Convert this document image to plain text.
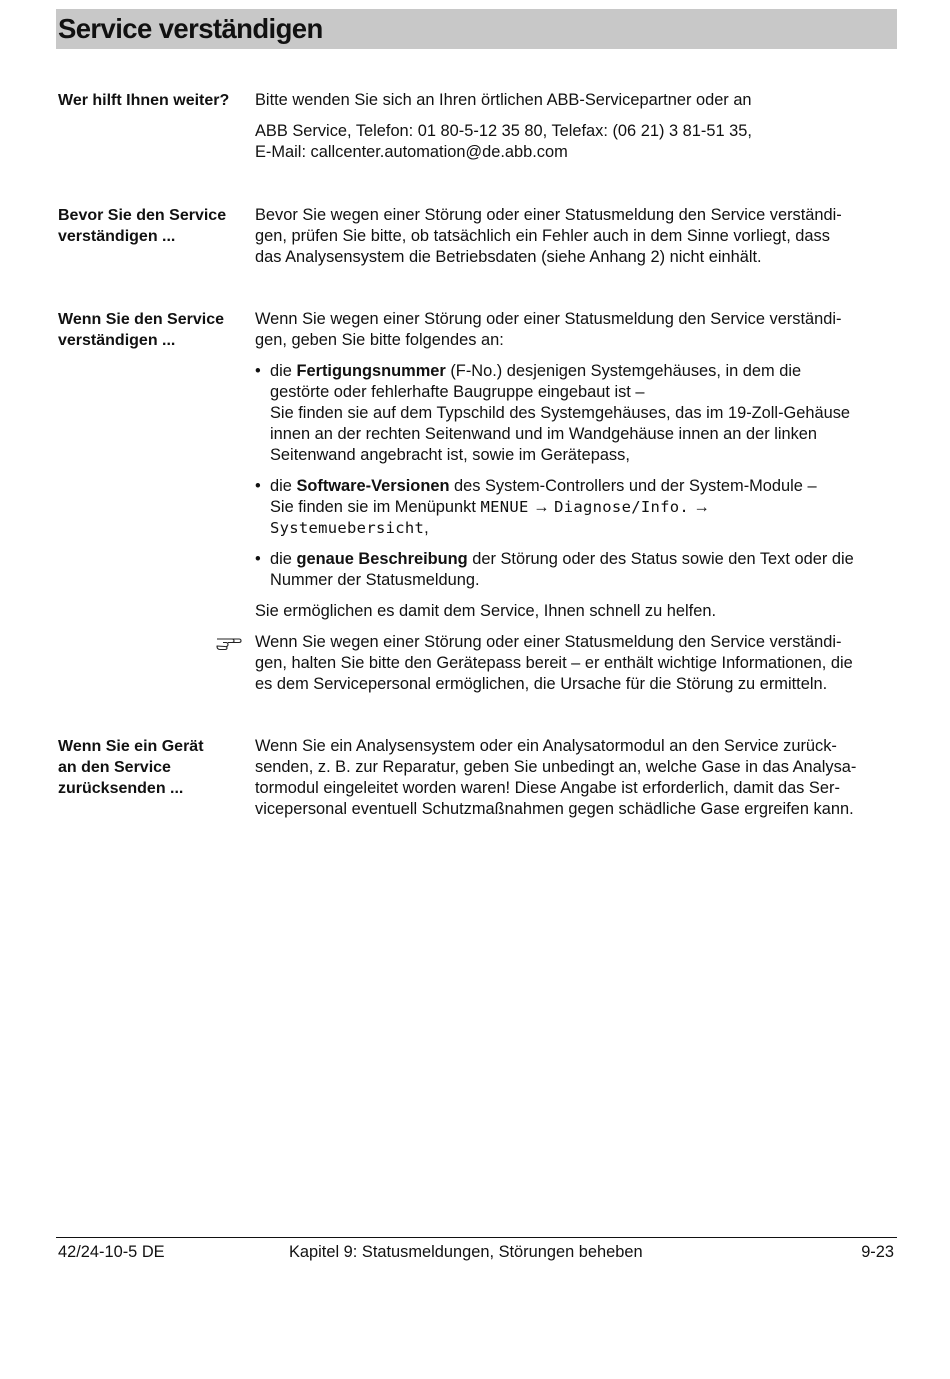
Service verständigen
Wer hilft Ihnen weiter?	Bitte wenden Sie sich an Ihren örtlichen ABB-Servicepartner oder an

ABB Service, Telefon: 01 80-5-12 35 80, Telefax: (06 21) 3 81-51 35,
E-Mail: callcenter.automation@de.abb.com

Bevor Sie den Service
verständigen ...

Bevor Sie wegen einer Störung oder einer Statusmeldung den Service verständi-
gen, prüfen Sie bitte, ob tatsächlich ein Fehler auch in dem Sinne vorliegt, dass
das Analysensystem die Betriebsdaten (siehe Anhang 2) nicht einhält.

Wenn Sie den Service
verständigen ...

Wenn Sie wegen einer Störung oder einer Statusmeldung den Service verständi-
gen, geben Sie bitte folgendes an:

• die Fertigungsnummer (F-No.) desjenigen Systemgehäuses, in dem die
gestörte oder fehlerhafte Baugruppe eingebaut ist –
Sie finden sie auf dem Typschild des Systemgehäuses, das im 19-Zoll-Gehäuse
innen an der rechten Seitenwand und im Wandgehäuse innen an der linken
Seitenwand angebracht ist, sowie im Gerätepass,
• die Software-Versionen des System-Controllers und der System-Module –
Sie finden sie im Menüpunkt MENUE → Diagnose/Info. →
Systemuebersicht,
• die genaue Beschreibung der Störung oder des Status sowie den Text oder die
Nummer der Statusmeldung.

Sie ermöglichen es damit dem Service, Ihnen schnell zu helfen.

Wenn Sie wegen einer Störung oder einer Statusmeldung den Service verständi-
gen, halten Sie bitte den Gerätepass bereit – er enthält wichtige Informationen, die
es dem Servicepersonal ermöglichen, die Ursache für die Störung zu ermitteln.

Wenn Sie ein Gerät
an den Service
zurücksenden ...

Wenn Sie ein Analysensystem oder ein Analysatormodul an den Service zurück-
senden, z. B. zur Reparatur, geben Sie unbedingt an, welche Gase in das Analysa-
tormodul eingeleitet worden waren! Diese Angabe ist erforderlich, damit das Ser-
vicepersonal eventuell Schutzmaßnahmen gegen schädliche Gase ergreifen kann.

42/24-10-5 DE	Kapitel 9: Statusmeldungen, Störungen beheben	9-23
